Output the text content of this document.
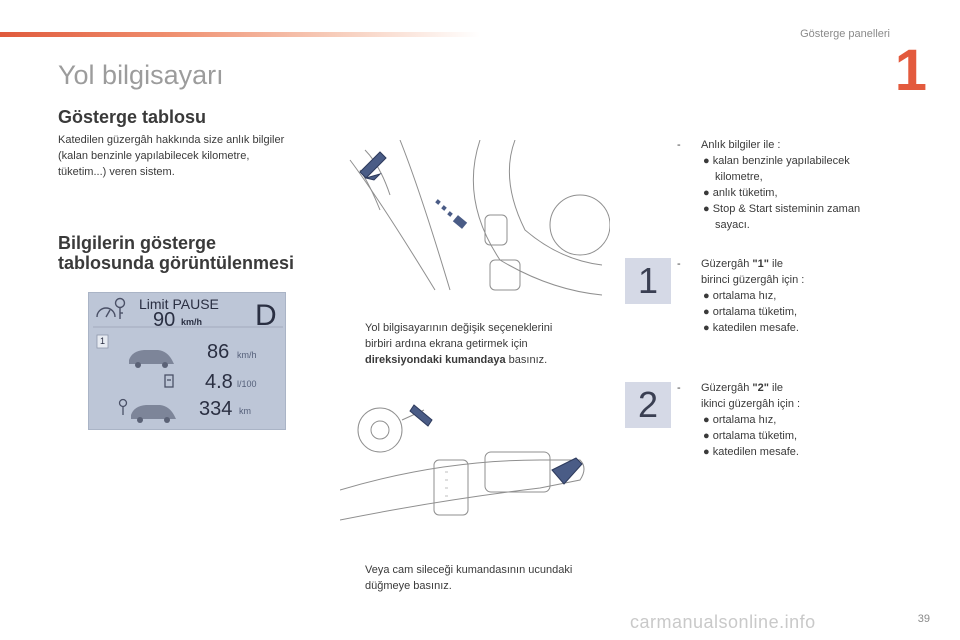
Gösterge panelleri
1
Yol bilgisayarı
Gösterge tablosu
Katedilen güzergâh hakkında size anlık bilgiler
(kalan benzinle yapılabilecek kilometre,
tüketim...) veren sistem.
Bilgilerin gösterge
tablosunda görüntülenmesi
Limit PAUSE
90 km/h D
1	86 km/h
4.8 l/100
334 km
Yol bilgisayarının değişik seçeneklerini
birbiri ardına ekrana getirmek için
direksiyondaki kumandaya basınız.
Veya cam sileceği kumandasının ucundaki
düğmeye basınız.
- Anlık bilgiler ile :
● kalan benzinle yapılabilecek
kilometre,
● anlık tüketim,
● Stop & Start sisteminin zaman
sayacı.
1	- Güzergâh "1" ile
birinci güzergâh için :
● ortalama hız,
● ortalama tüketim,
● katedilen mesafe.
2	- Güzergâh "2" ile
ikinci güzergâh için :
● ortalama hız,
● ortalama tüketim,
● katedilen mesafe.
carmanualsonline.info	39
